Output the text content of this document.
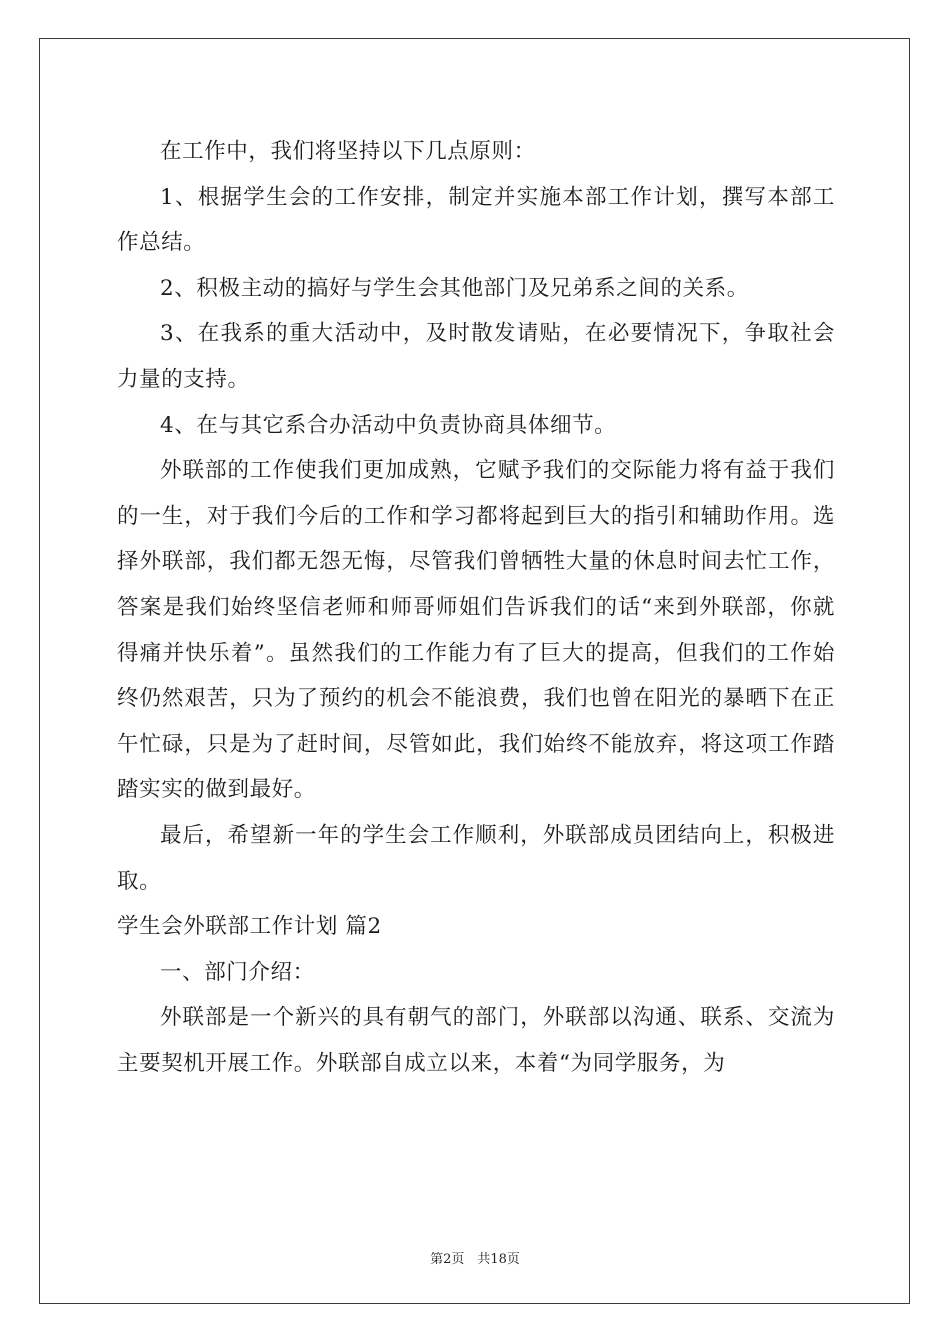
在工作中，我们将坚持以下几点原则：

1、根据学生会的工作安排，制定并实施本部工作计划，撰写本部工作总结。

2、积极主动的搞好与学生会其他部门及兄弟系之间的关系。

3、在我系的重大活动中，及时散发请贴，在必要情况下，争取社会力量的支持。

4、在与其它系合办活动中负责协商具体细节。

外联部的工作使我们更加成熟，它赋予我们的交际能力将有益于我们的一生，对于我们今后的工作和学习都将起到巨大的指引和辅助作用。选择外联部，我们都无怨无悔，尽管我们曾牺牲大量的休息时间去忙工作，答案是我们始终坚信老师和师哥师姐们告诉我们的话“来到外联部，你就得痛并快乐着”。虽然我们的工作能力有了巨大的提高，但我们的工作始终仍然艰苦，只为了预约的机会不能浪费，我们也曾在阳光的暴晒下在正午忙碌，只是为了赶时间，尽管如此，我们始终不能放弃，将这项工作踏踏实实的做到最好。

最后，希望新一年的学生会工作顺利，外联部成员团结向上，积极进取。

学生会外联部工作计划 篇2

一、部门介绍：

外联部是一个新兴的具有朝气的部门，外联部以沟通、联系、交流为主要契机开展工作。外联部自成立以来，本着“为同学服务，为

第2页　共18页
